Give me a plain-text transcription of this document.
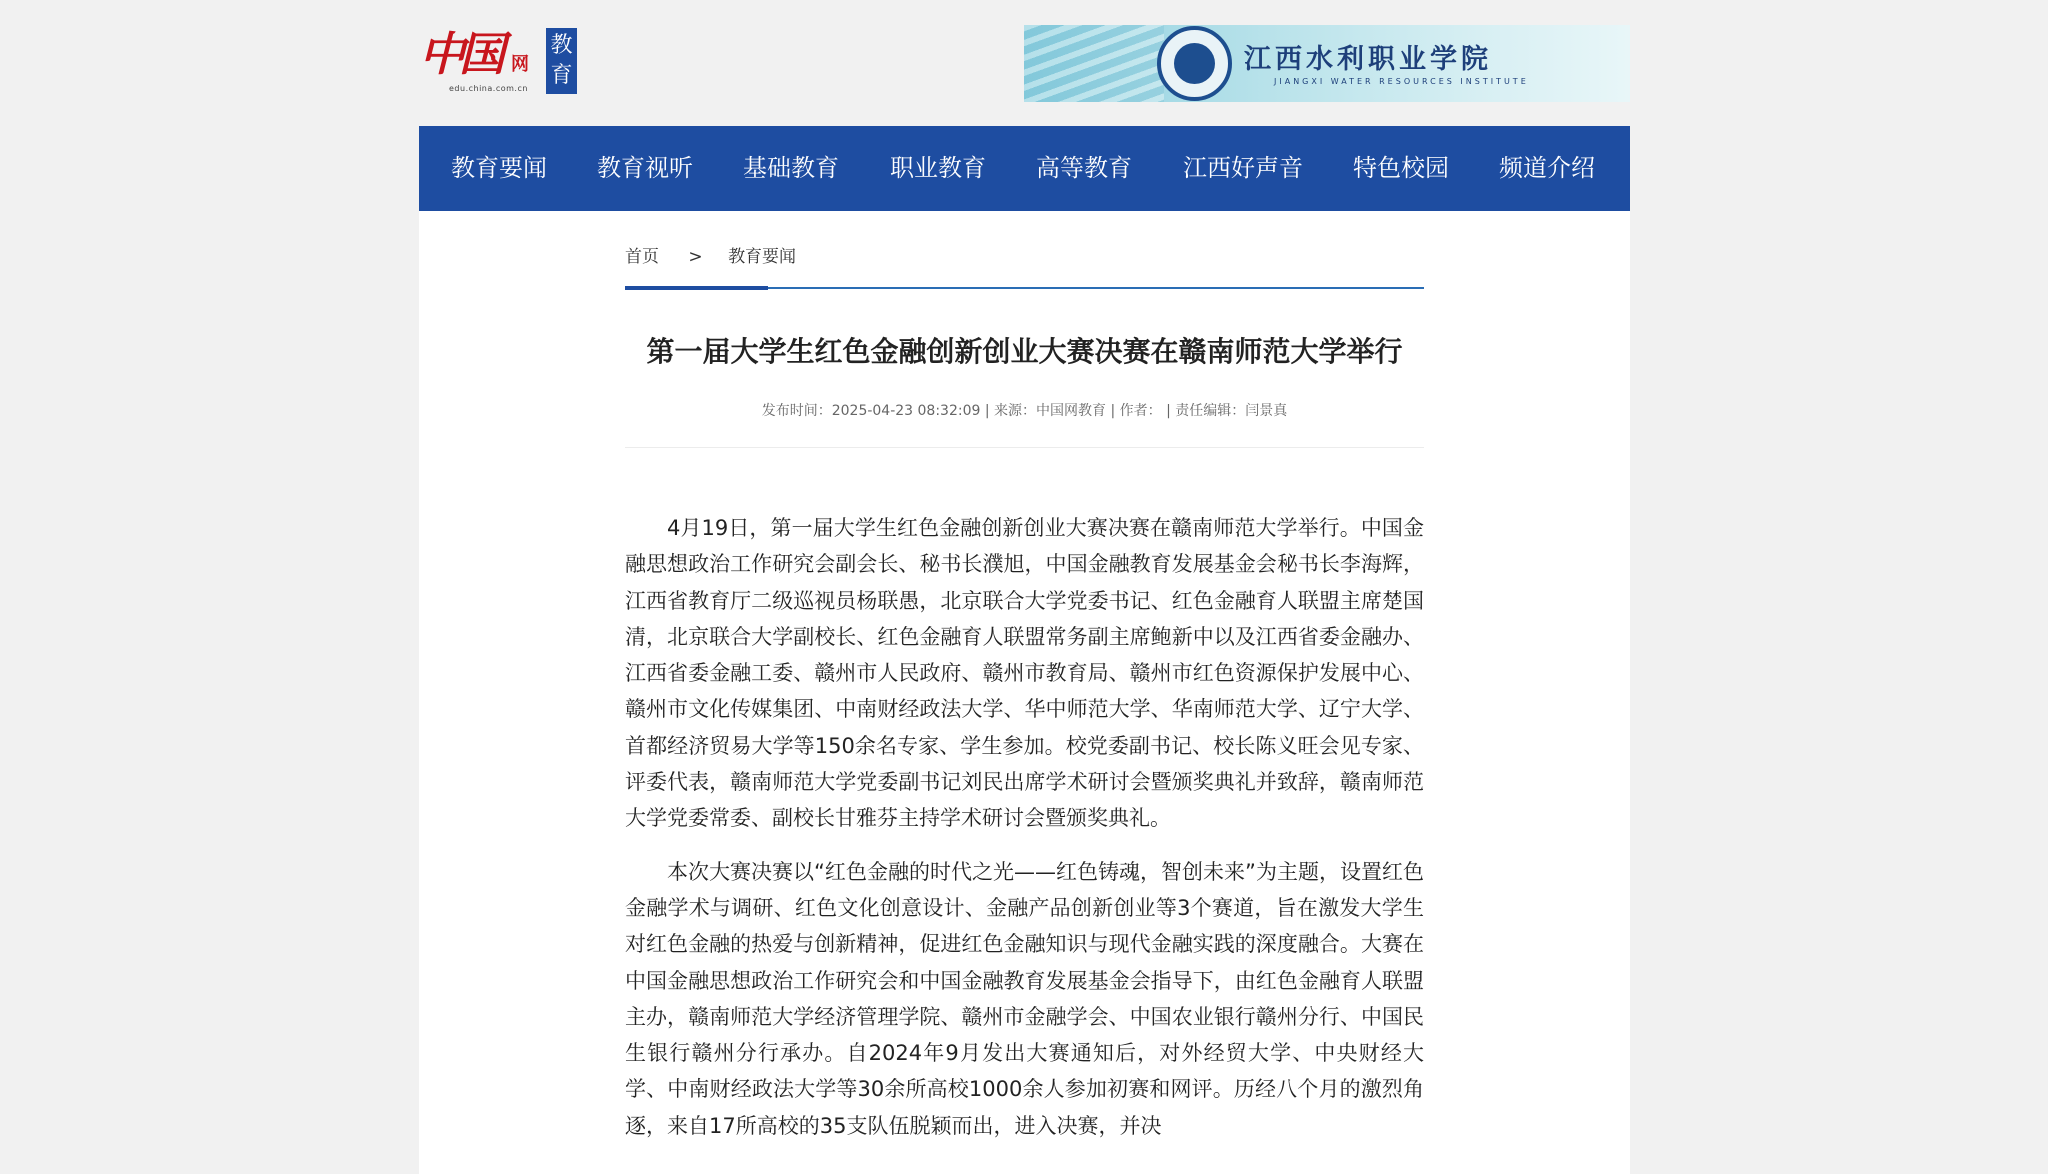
中国 网
edu.china.com.cn
教育
江西水利职业学院
JIANGXI WATER RESOURCES INSTITUTE
教育要闻 教育视听 基础教育 职业教育 高等教育 江西好声音 特色校园 频道介绍
首页 > 教育要闻
第一届大学生红色金融创新创业大赛决赛在赣南师范大学举行
发布时间：2025-04-23 08:32:09 | 来源：中国网教育 | 作者： | 责任编辑：闫景真

4月19日，第一届大学生红色金融创新创业大赛决赛在赣南师范大学举行。中国金融思想政治工作研究会副会长、秘书长濮旭，中国金融教育发展基金会秘书长李海辉，江西省教育厅二级巡视员杨联愚，北京联合大学党委书记、红色金融育人联盟主席楚国清，北京联合大学副校长、红色金融育人联盟常务副主席鲍新中以及江西省委金融办、江西省委金融工委、赣州市人民政府、赣州市教育局、赣州市红色资源保护发展中心、赣州市文化传媒集团、中南财经政法大学、华中师范大学、华南师范大学、辽宁大学、首都经济贸易大学等150余名专家、学生参加。校党委副书记、校长陈义旺会见专家、评委代表，赣南师范大学党委副书记刘民出席学术研讨会暨颁奖典礼并致辞，赣南师范大学党委常委、副校长甘雅芬主持学术研讨会暨颁奖典礼。

本次大赛决赛以“红色金融的时代之光——红色铸魂，智创未来”为主题，设置红色金融学术与调研、红色文化创意设计、金融产品创新创业等3个赛道，旨在激发大学生对红色金融的热爱与创新精神，促进红色金融知识与现代金融实践的深度融合。大赛在中国金融思想政治工作研究会和中国金融教育发展基金会指导下，由红色金融育人联盟主办，赣南师范大学经济管理学院、赣州市金融学会、中国农业银行赣州分行、中国民生银行赣州分行承办。自2024年9月发出大赛通知后，对外经贸大学、中央财经大学、中南财经政法大学等30余所高校1000余人参加初赛和网评。历经八个月的激烈角逐，来自17所高校的35支队伍脱颖而出，进入决赛，并决
